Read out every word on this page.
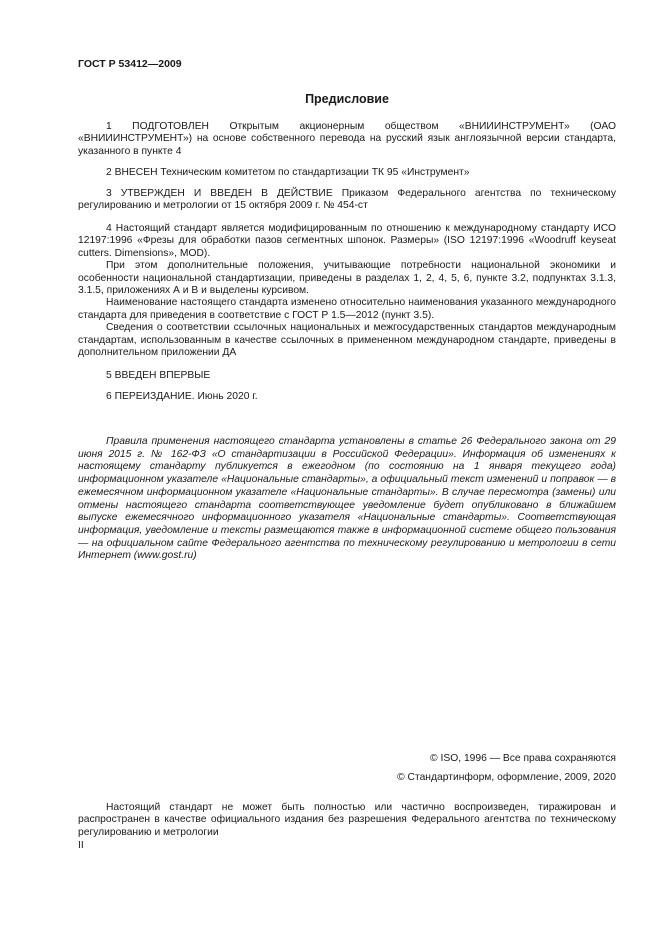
ГОСТ Р 53412—2009
Предисловие

1 ПОДГОТОВЛЕН Открытым акционерным обществом «ВНИИИНСТРУМЕНТ» (ОАО «ВНИИИНСТРУМЕНТ») на основе собственного перевода на русский язык англоязычной версии стандарта, указанного в пункте 4

2 ВНЕСЕН Техническим комитетом по стандартизации ТК 95 «Инструмент»

3 УТВЕРЖДЕН И ВВЕДЕН В ДЕЙСТВИЕ Приказом Федерального агентства по техническому регулированию и метрологии от 15 октября 2009 г. № 454-ст

4 Настоящий стандарт является модифицированным по отношению к международному стандарту ИСО 12197:1996 «Фрезы для обработки пазов сегментных шпонок. Размеры» (ISO 12197:1996 «Woodruff keyseat cutters. Dimensions», MOD).

При этом дополнительные положения, учитывающие потребности национальной экономики и особенности национальной стандартизации, приведены в разделах 1, 2, 4, 5, 6, пункте 3.2, подпунктах 3.1.3, 3.1.5, приложениях А и В и выделены курсивом.

Наименование настоящего стандарта изменено относительно наименования указанного международного стандарта для приведения в соответствие с ГОСТ Р 1.5—2012 (пункт 3.5).

Сведения о соответствии ссылочных национальных и межгосударственных стандартов международным стандартам, использованным в качестве ссылочных в примененном международном стандарте, приведены в дополнительном приложении ДА

5 ВВЕДЕН ВПЕРВЫЕ

6 ПЕРЕИЗДАНИЕ. Июнь 2020 г.

Правила применения настоящего стандарта установлены в статье 26 Федерального закона от 29 июня 2015 г. № 162-ФЗ «О стандартизации в Российской Федерации». Информация об изменениях к настоящему стандарту публикуется в ежегодном (по состоянию на 1 января текущего года) информационном указателе «Национальные стандарты», а официальный текст изменений и поправок — в ежемесячном информационном указателе «Национальные стандарты». В случае пересмотра (замены) или отмены настоящего стандарта соответствующее уведомление будет опубликовано в ближайшем выпуске ежемесячного информационного указателя «Национальные стандарты». Соответствующая информация, уведомление и тексты размещаются также в информационной системе общего пользования — на официальном сайте Федерального агентства по техническому регулированию и метрологии в сети Интернет (www.gost.ru)

© ISO, 1996 — Все права сохраняются
© Стандартинформ, оформление, 2009, 2020

Настоящий стандарт не может быть полностью или частично воспроизведен, тиражирован и распространен в качестве официального издания без разрешения Федерального агентства по техническому регулированию и метрологии

II
